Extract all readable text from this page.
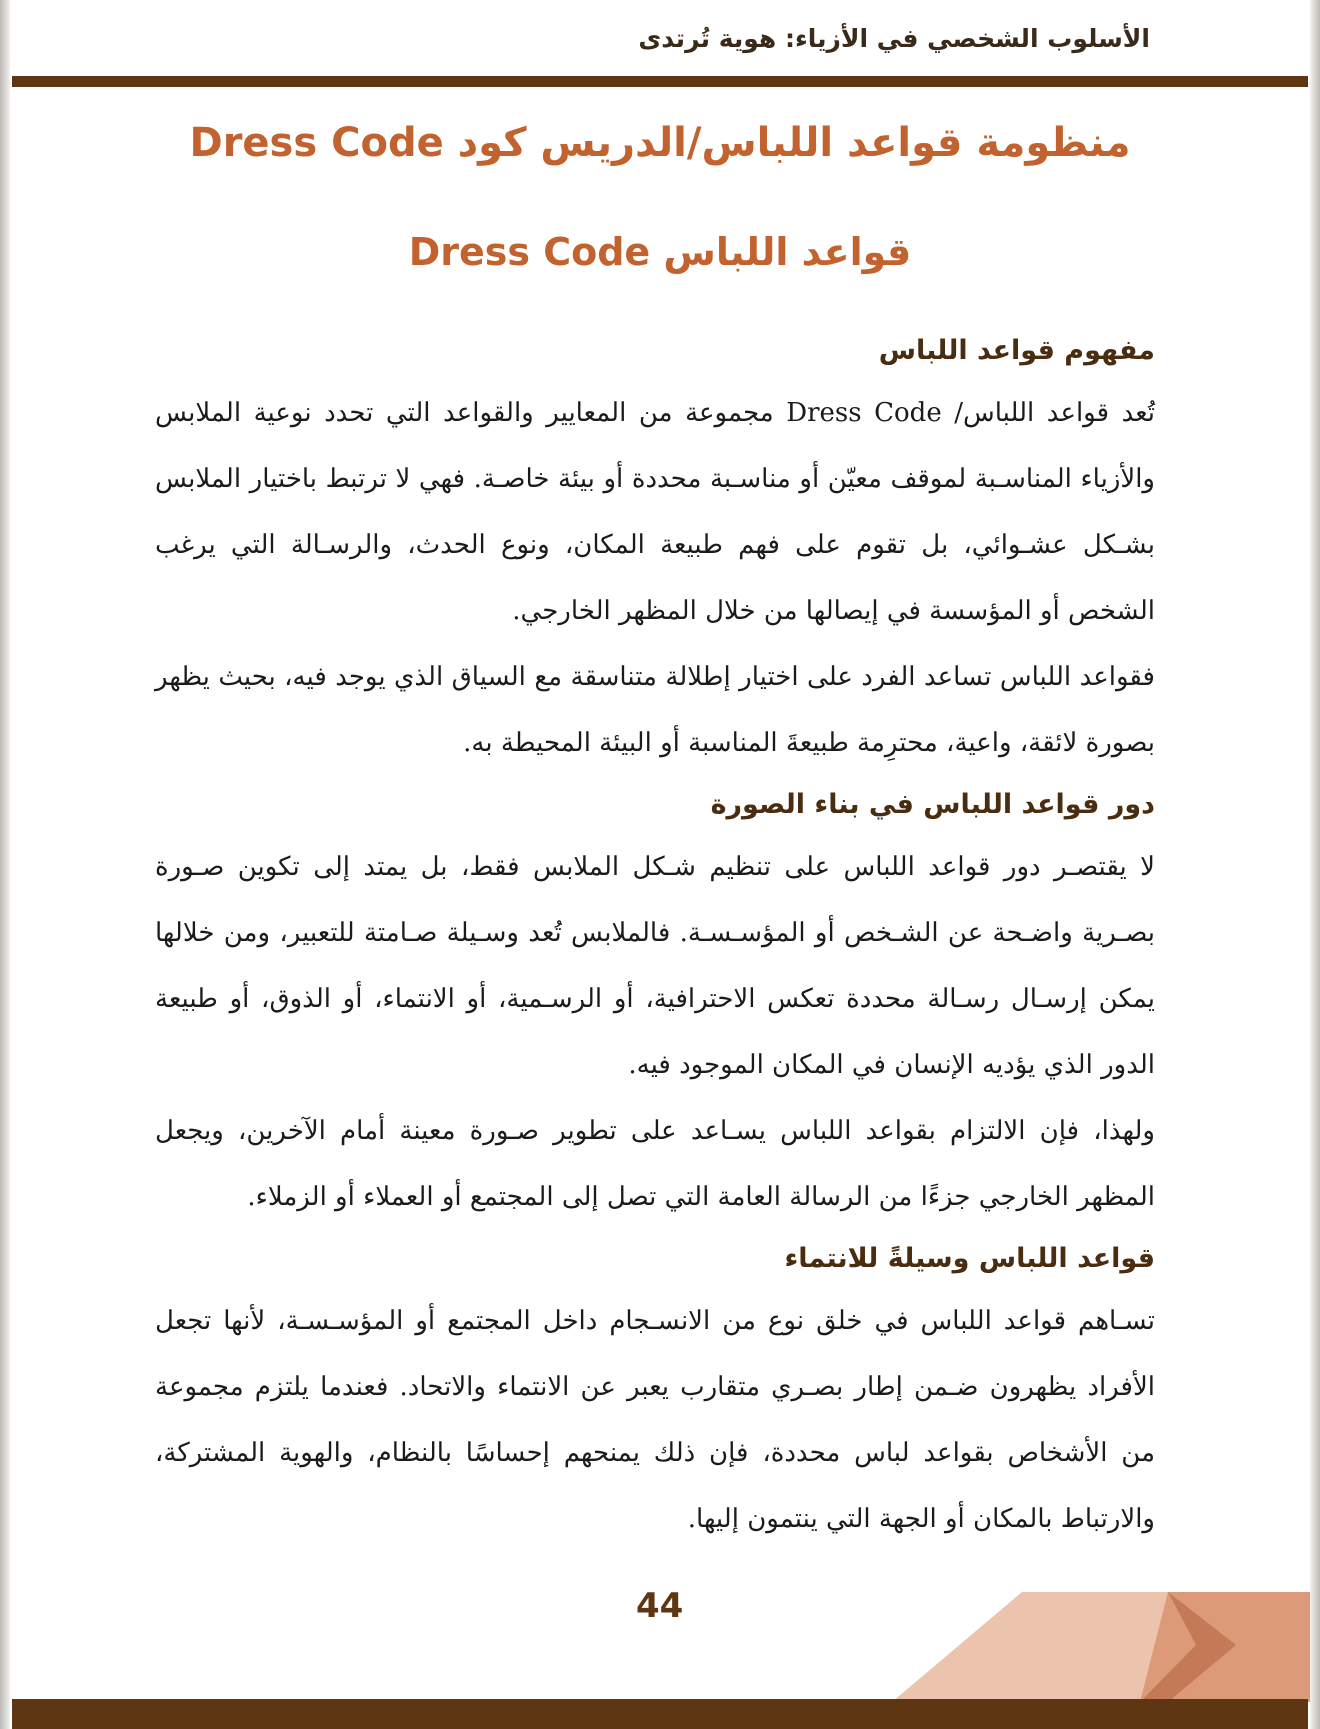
الأسلوب الشخصي في الأزياء: هوية تُرتدى
منظومة قواعد اللباس/الدريس كود Dress Code
قواعد اللباس Dress Code
مفهوم قواعد اللباس

تُعد قواعد اللباس/ Dress Code مجموعة من المعايير والقواعد التي تحدد نوعية الملابس والأزياء المناسـبة لموقف معيّن أو مناسـبة محددة أو بيئة خاصـة. فهي لا ترتبط باختيار الملابس بشـكل عشـوائي، بل تقوم على فهم طبيعة المكان، ونوع الحدث، والرسـالة التي يرغب الشخص أو المؤسسة في إيصالها من خلال المظهر الخارجي.

فقواعد اللباس تساعد الفرد على اختيار إطلالة متناسقة مع السياق الذي يوجد فيه، بحيث يظهر بصورة لائقة، واعية، محترِمة طبيعةَ المناسبة أو البيئة المحيطة به.

دور قواعد اللباس في بناء الصورة

لا يقتصـر دور قواعد اللباس على تنظيم شـكل الملابس فقط، بل يمتد إلى تكوين صـورة بصـرية واضـحة عن الشـخص أو المؤسـسـة. فالملابس تُعد وسـيلة صـامتة للتعبير، ومن خلالها يمكن إرسـال رسـالة محددة تعكس الاحترافية، أو الرسـمية، أو الانتماء، أو الذوق، أو طبيعة الدور الذي يؤديه الإنسان في المكان الموجود فيه.

ولهذا، فإن الالتزام بقواعد اللباس يسـاعد على تطوير صـورة معينة أمام الآخرين، ويجعل المظهر الخارجي جزءًا من الرسالة العامة التي تصل إلى المجتمع أو العملاء أو الزملاء.

قواعد اللباس وسيلةً للانتماء

تسـاهم قواعد اللباس في خلق نوع من الانسـجام داخل المجتمع أو المؤسـسـة، لأنها تجعل الأفراد يظهرون ضـمن إطار بصـري متقارب يعبر عن الانتماء والاتحاد. فعندما يلتزم مجموعة من الأشخاص بقواعد لباس محددة، فإن ذلك يمنحهم إحساسًا بالنظام، والهوية المشتركة، والارتباط بالمكان أو الجهة التي ينتمون إليها.

44
